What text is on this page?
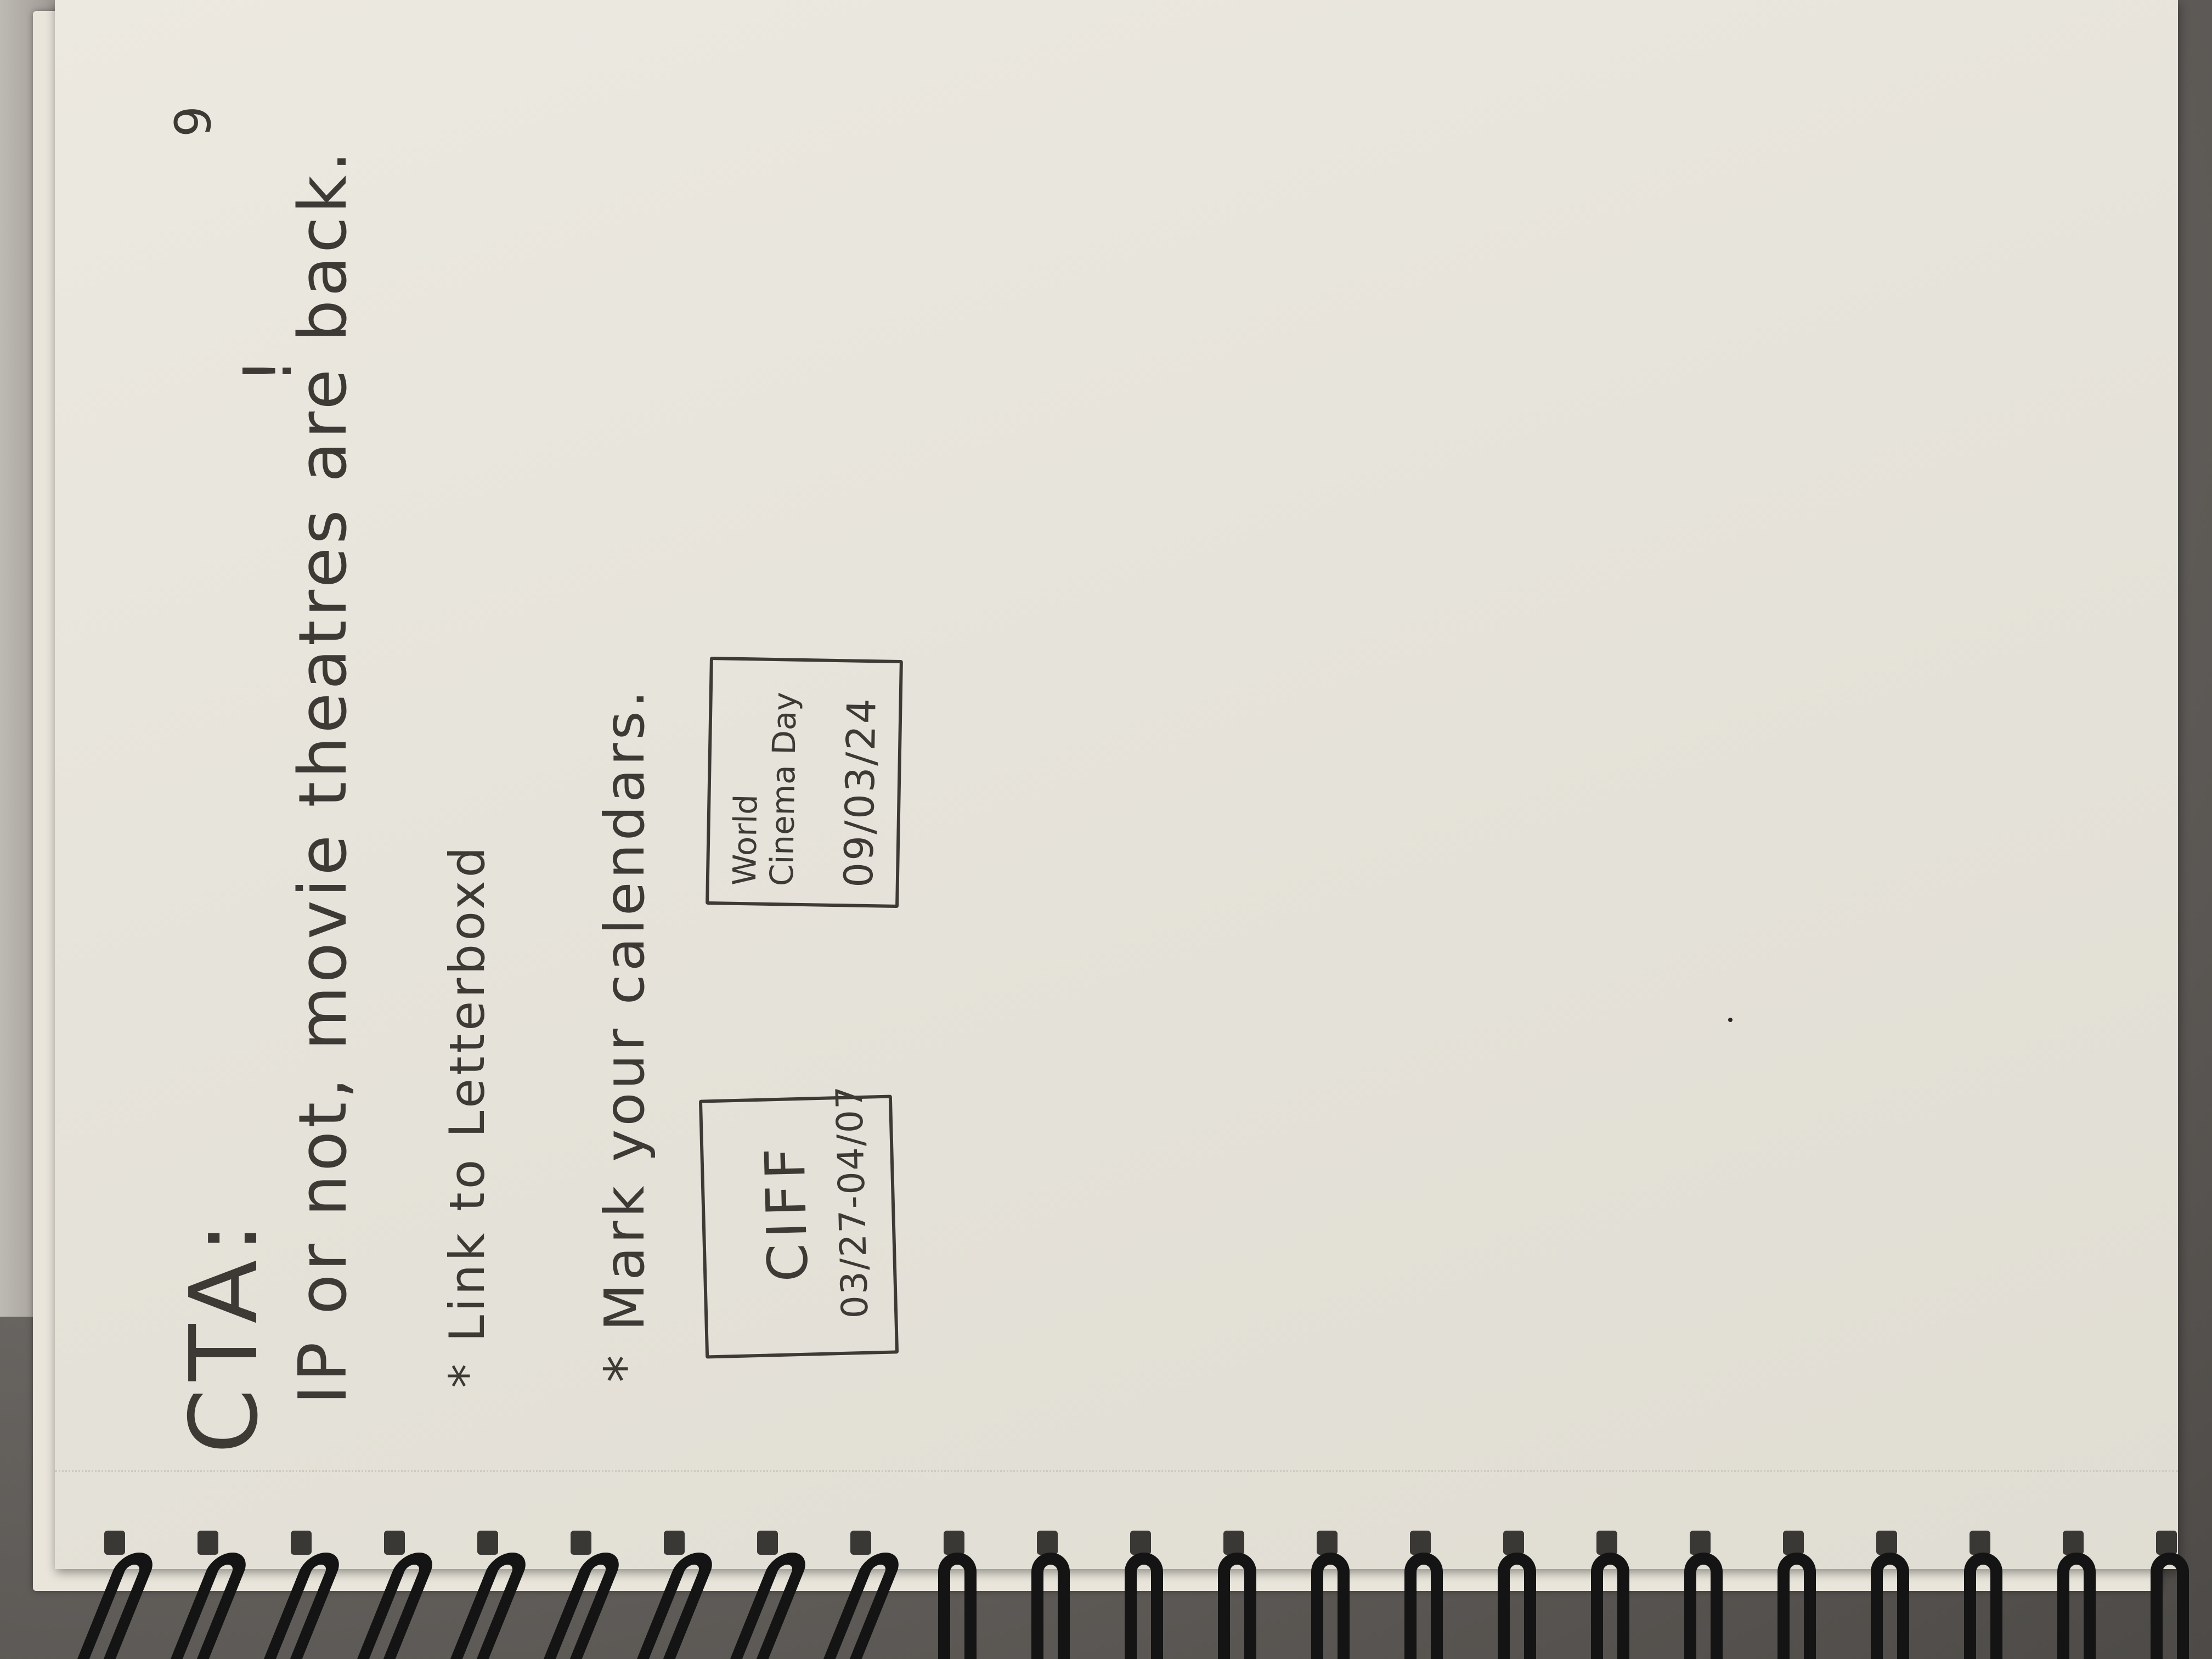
9
CTA: IP or not, movie theatres are back.
!
* Link to Letterboxd * Mark your calendars. CIFF 03/27-04/07
World
Cinema Day 09/03/24
